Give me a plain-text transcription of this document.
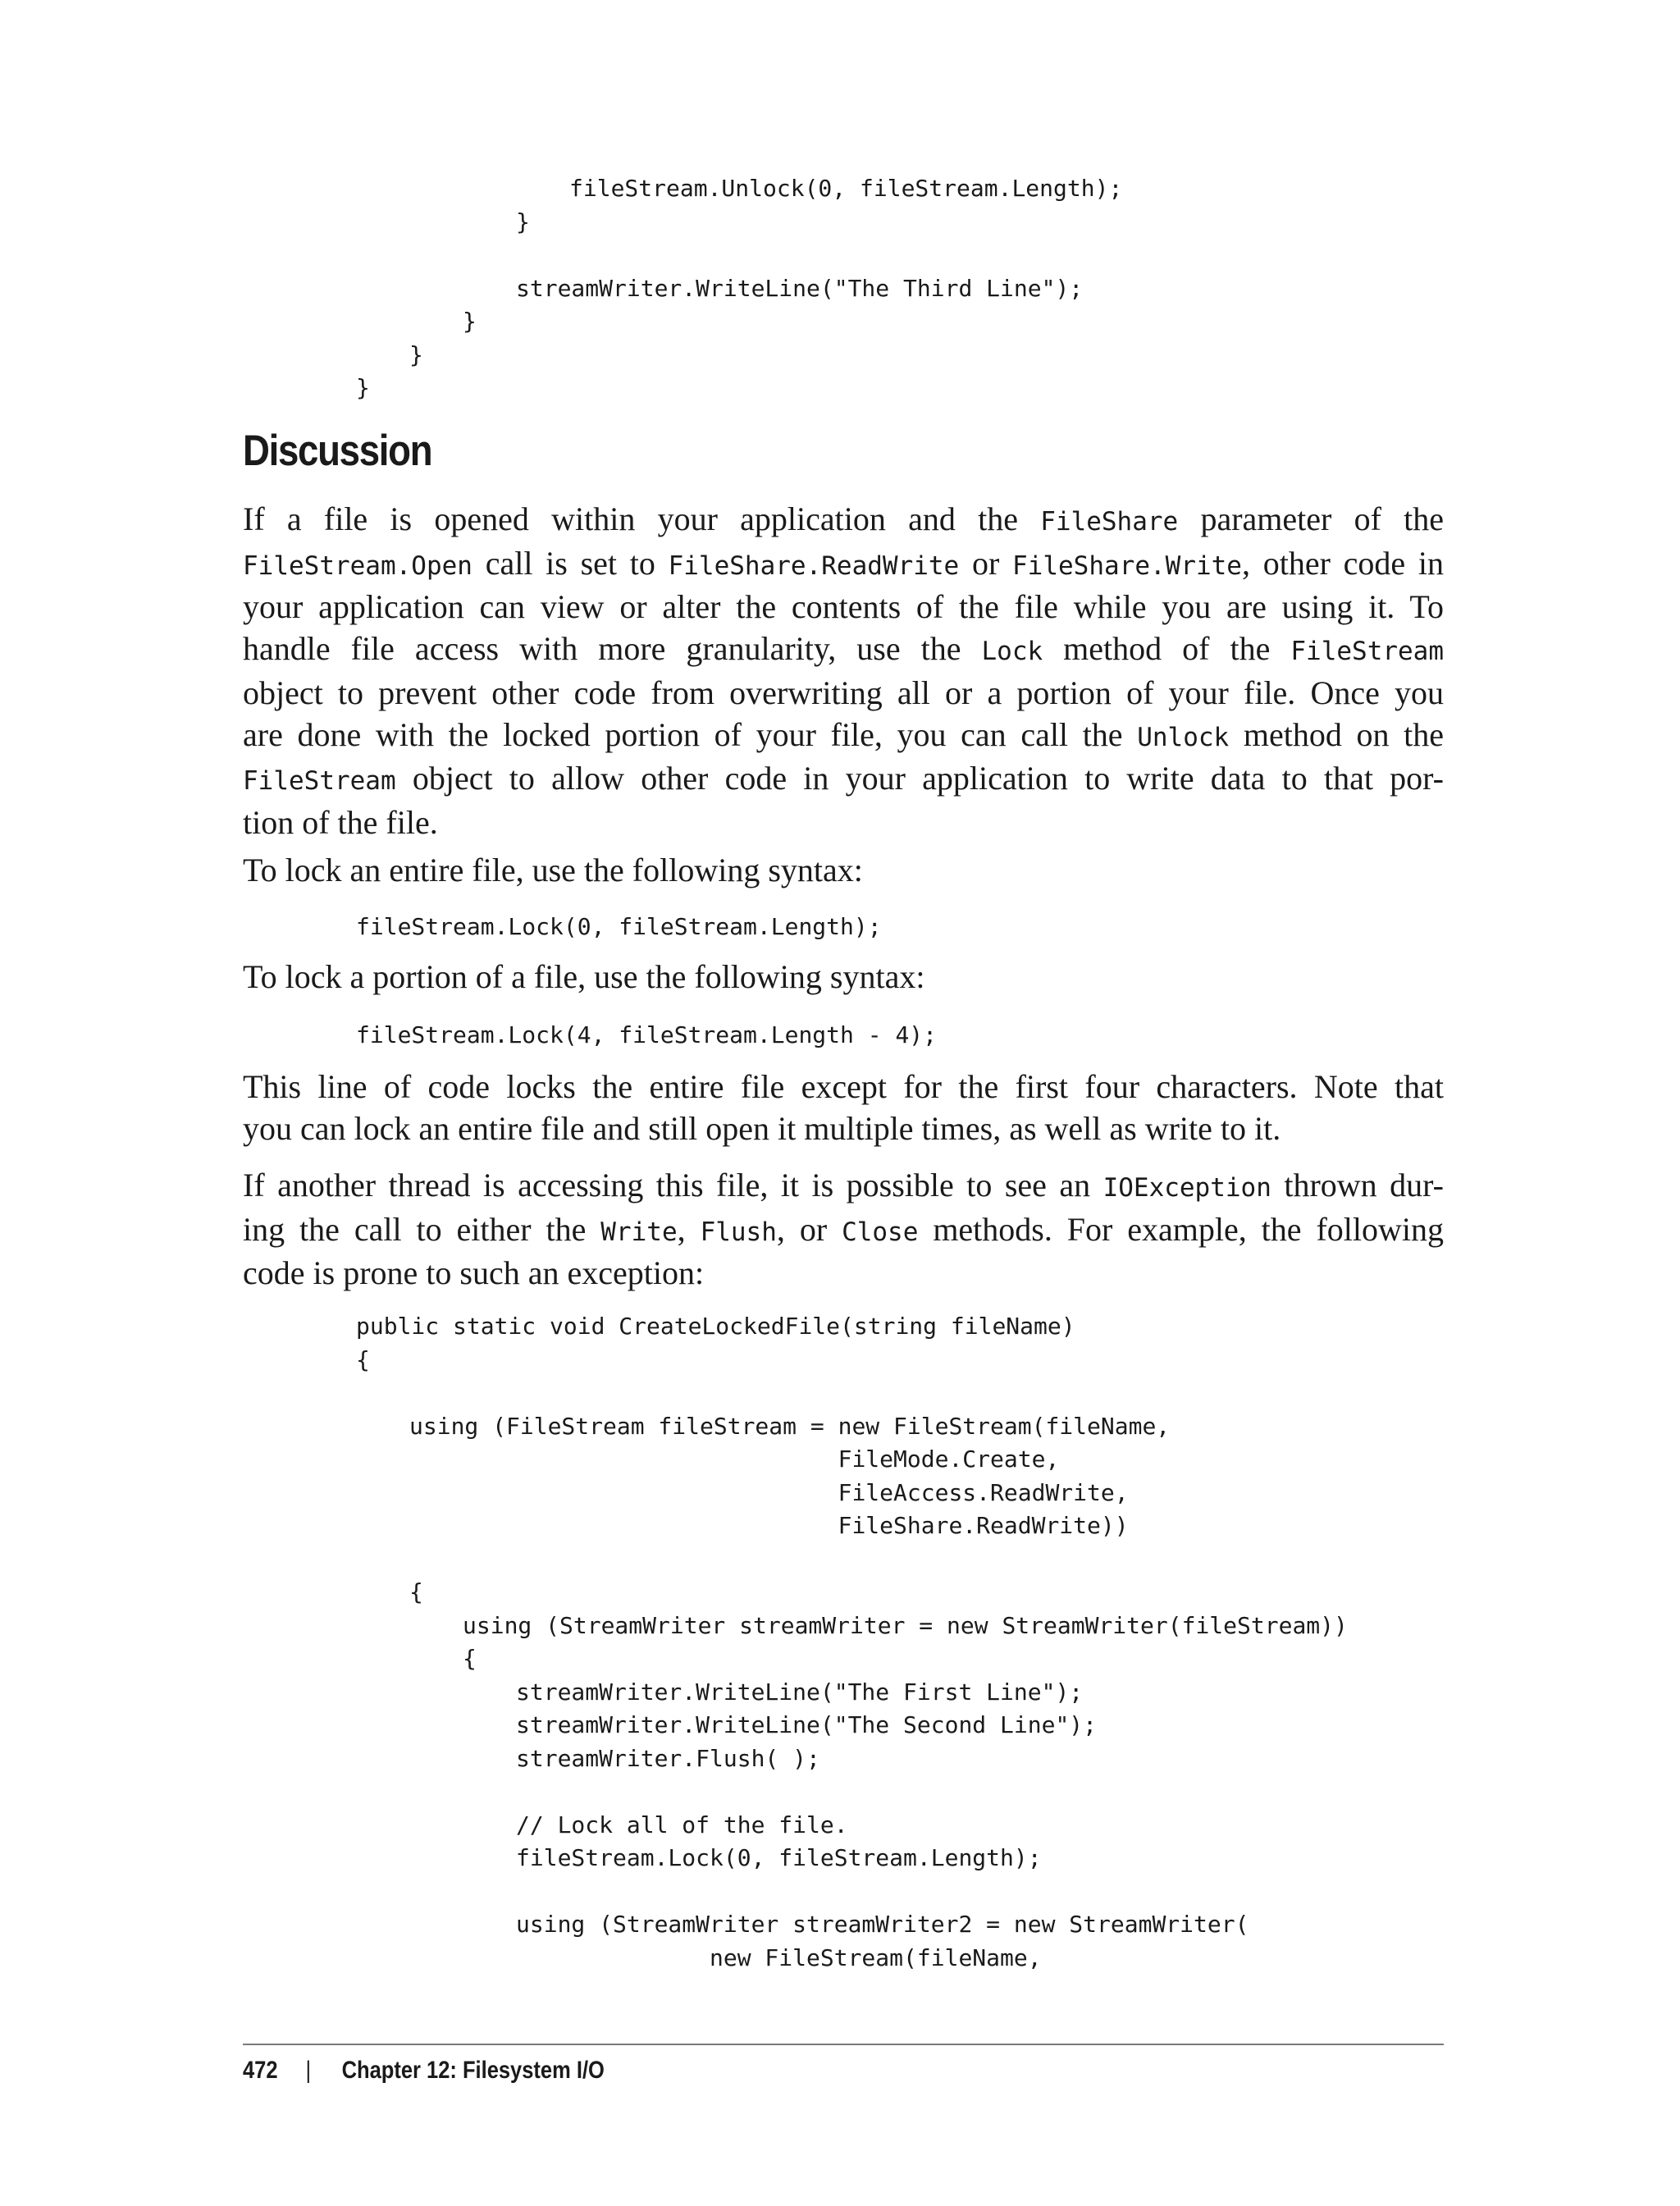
fileStream.Unlock(0, fileStream.Length);
}
streamWriter.WriteLine("The Third Line");
}
}
}
Discussion

If a file is opened within your application and the FileShare parameter of the
FileStream.Open call is set to FileShare.ReadWrite or FileShare.Write, other code in
your application can view or alter the contents of the file while you are using it. To
handle file access with more granularity, use the Lock method of the FileStream
object to prevent other code from overwriting all or a portion of your file. Once you
are done with the locked portion of your file, you can call the Unlock method on the
FileStream object to allow other code in your application to write data to that por-
tion of the file.

To lock an entire file, use the following syntax:

fileStream.Lock(0, fileStream.Length);

To lock a portion of a file, use the following syntax:

fileStream.Lock(4, fileStream.Length - 4);

This line of code locks the entire file except for the first four characters. Note that
you can lock an entire file and still open it multiple times, as well as write to it.

If another thread is accessing this file, it is possible to see an IOException thrown dur-
ing the call to either the Write, Flush, or Close methods. For example, the following
code is prone to such an exception:

public static void CreateLockedFile(string fileName)
{
using (FileStream fileStream = new FileStream(fileName,
FileMode.Create,
FileAccess.ReadWrite,
FileShare.ReadWrite))
{
using (StreamWriter streamWriter = new StreamWriter(fileStream))
{
streamWriter.WriteLine("The First Line");
streamWriter.WriteLine("The Second Line");
streamWriter.Flush( );
// Lock all of the file.
fileStream.Lock(0, fileStream.Length);
using (StreamWriter streamWriter2 = new StreamWriter(
new FileStream(fileName,
472 | Chapter 12: Filesystem I/O
